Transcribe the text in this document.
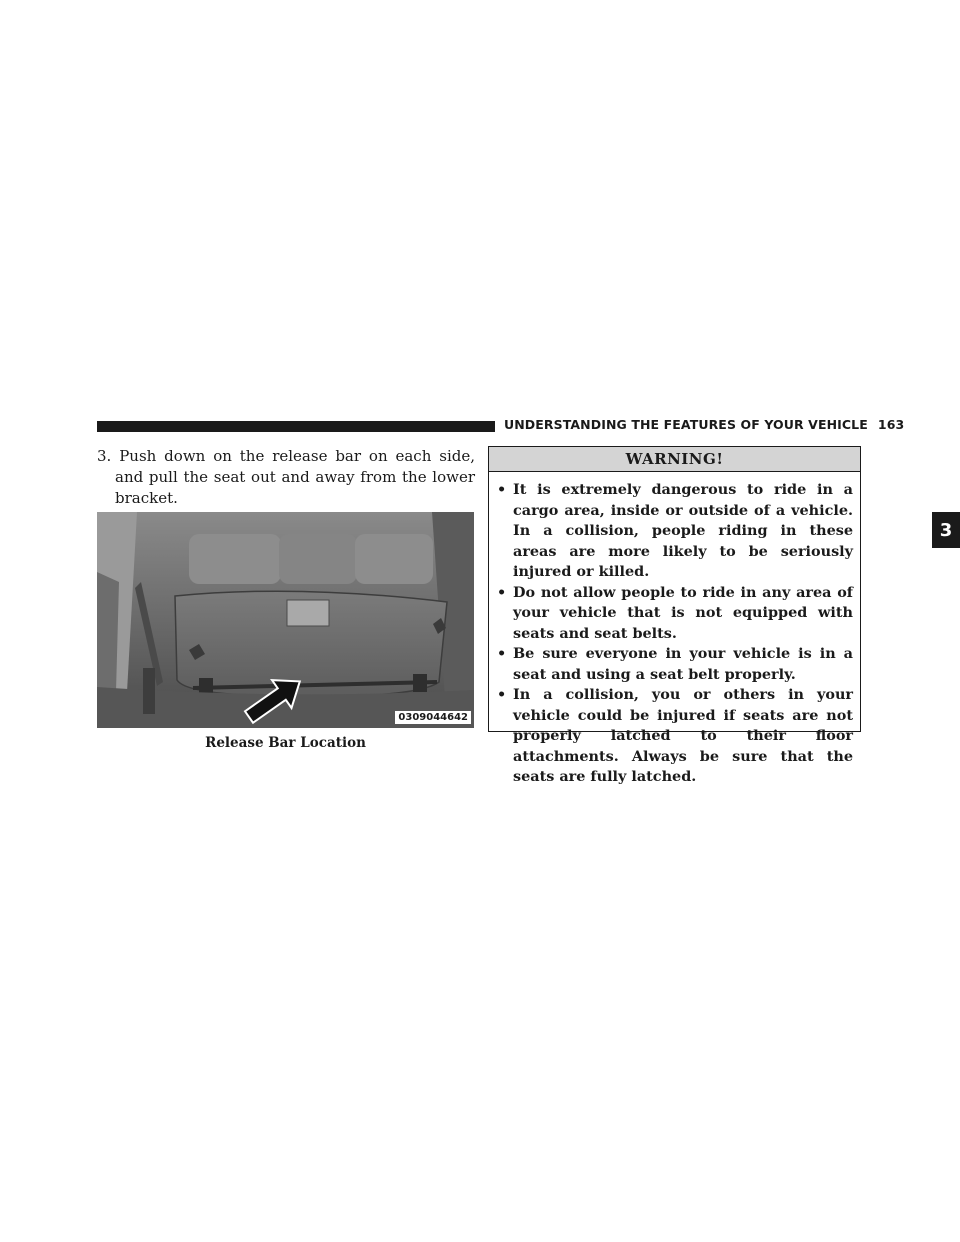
UNDERSTANDING THE FEATURES OF YOUR VEHICLE 163
3

3. Push down on the release bar on each side, and pull the seat out and away from the lower bracket.

0309044642
Release Bar Location
WARNING!
• It is extremely dangerous to ride in a cargo area, inside or outside of a vehicle. In a collision, people riding in these areas are more likely to be seriously injured or killed.
• Do not allow people to ride in any area of your vehicle that is not equipped with seats and seat belts.
• Be sure everyone in your vehicle is in a seat and using a seat belt properly.
• In a collision, you or others in your vehicle could be injured if seats are not properly latched to their floor attachments. Always be sure that the seats are fully latched.
